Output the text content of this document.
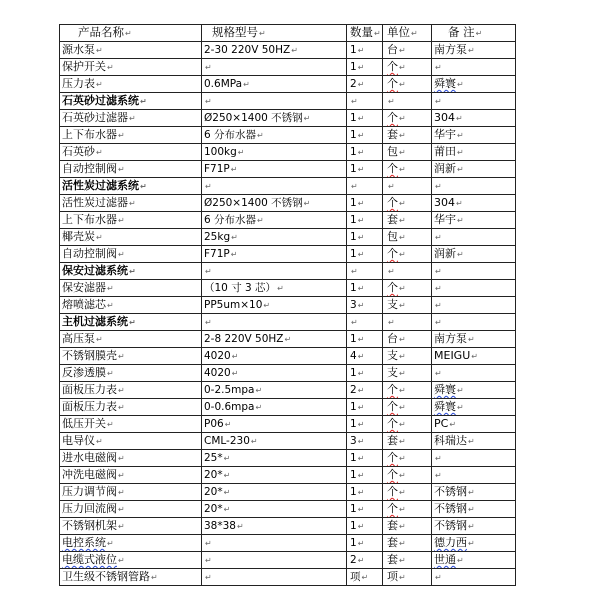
产品名称↵	规格型号↵	数量↵	单位↵	备 注↵
源水泵↵	2-30 220V 50HZ↵	1↵	台↵	南方泵↵
保护开关↵	↵	1↵	个↵	↵
压力表↵	0.6MPa↵	2↵	个↵	舜寰↵
石英砂过滤系统↵	↵	↵	↵	↵
石英砂过滤器↵	Ø250×1400 不锈钢↵	1↵	个↵	304↵
上下布水器↵	6 分布水器↵	1↵	套↵	华宇↵
石英砂↵	100kg↵	1↵	包↵	莆田↵
自动控制阀↵	F71P↵	1↵	个↵	润新↵
活性炭过滤系统↵	↵	↵	↵	↵
活性炭过滤器↵	Ø250×1400 不锈钢↵	1↵	个↵	304↵
上下布水器↵	6 分布水器↵	1↵	套↵	华宇↵
椰壳炭↵	25kg↵	1↵	包↵	↵
自动控制阀↵	F71P↵	1↵	个↵	润新↵
保安过滤系统↵	↵	↵	↵	↵
保安滤器↵	（10 寸 3 芯）↵	1↵	个↵	↵
熔喷滤芯↵	PP5um×10↵	3↵	支↵	↵
主机过滤系统↵	↵	↵	↵	↵
高压泵↵	2-8 220V 50HZ↵	1↵	台↵	南方泵↵
不锈钢膜壳↵	4020↵	4↵	支↵	MEIGU↵
反渗透膜↵	4020↵	1↵	支↵	↵
面板压力表↵	0-2.5mpa↵	2↵	个↵	舜寰↵
面板压力表↵	0-0.6mpa↵	1↵	个↵	舜寰↵
低压开关↵	P06↵	1↵	个↵	PC↵
电导仪↵	CML-230↵	3↵	套↵	科瑞达↵
进水电磁阀↵	25*↵	1↵	个↵	↵
冲洗电磁阀↵	20*↵	1↵	个↵	↵
压力调节阀↵	20*↵	1↵	个↵	不锈钢↵
压力回流阀↵	20*↵	1↵	个↵	不锈钢↵
不锈钢机架↵	38*38↵	1↵	套↵	不锈钢↵
电控系统↵	↵	1↵	套↵	德力西↵
电缆式液位↵	↵	2↵	套↵	世通↵
卫生级不锈钢管路↵	↵	项↵	项↵	↵
